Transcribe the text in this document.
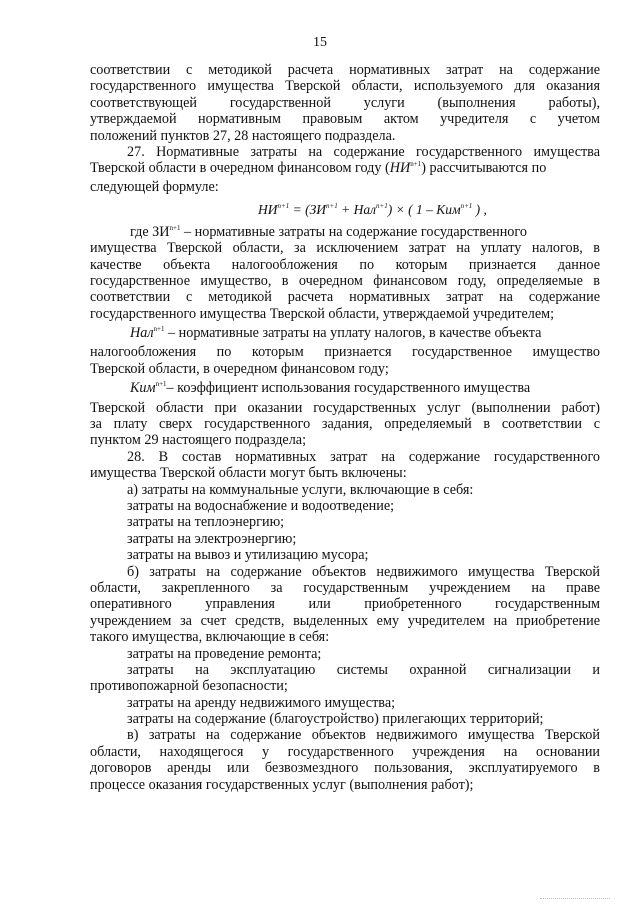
15
соответствии с методикой расчета нормативных затрат на содержание
государственного имущества Тверской области, используемого для оказания
соответствующей государственной услуги (выполнения работы),
утверждаемой нормативным правовым актом учредителя с учетом
положений пунктов 27, 28 настоящего подраздела.
27. Нормативные затраты на содержание государственного имущества
Тверской области в очередном финансовом году $(НИ^{n+1})$ рассчитываются по
следующей формуле:
$НИ^{n+1} = (ЗИ^{n+1} + Нал^{n+1})$ × ( 1 – Ким$^{n+1}$ ) ,
где $ЗИ^{n+1}$ – нормативные затраты на содержание государственного
имущества Тверской области, за исключением затрат на уплату налогов, в
качестве объекта налогообложения по которым признается данное
государственное имущество, в очередном финансовом году, определяемые в
соответствии с методикой расчета нормативных затрат на содержание
государственного имущества Тверской области, утверждаемой учредителем;
Нал$^{n+1}$ – нормативные затраты на уплату налогов, в качестве объекта
налогообложения по которым признается государственное имущество
Тверской области, в очередном финансовом году;
Ким$^{n+1}$– коэффициент использования государственного имущества
Тверской области при оказании государственных услуг (выполнении работ)
за плату сверх государственного задания, определяемый в соответствии с
пунктом 29 настоящего подраздела;
28. В состав нормативных затрат на содержание государственного
имущества Тверской области могут быть включены:
а) затраты на коммунальные услуги, включающие в себя:
затраты на водоснабжение и водоотведение;
затраты на теплоэнергию;
затраты на электроэнергию;
затраты на вывоз и утилизацию мусора;
б) затраты на содержание объектов недвижимого имущества Тверской
области, закрепленного за государственным учреждением на праве
оперативного управления или приобретенного государственным
учреждением за счет средств, выделенных ему учредителем на приобретение
такого имущества, включающие в себя:
затраты на проведение ремонта;
затраты на эксплуатацию системы охранной сигнализации и
противопожарной безопасности;
затраты на аренду недвижимого имущества;
затраты на содержание (благоустройство) прилегающих территорий;
в) затраты на содержание объектов недвижимого имущества Тверской
области, находящегося у государственного учреждения на основании
договоров аренды или безвозмездного пользования, эксплуатируемого в
процессе оказания государственных услуг (выполнения работ);
